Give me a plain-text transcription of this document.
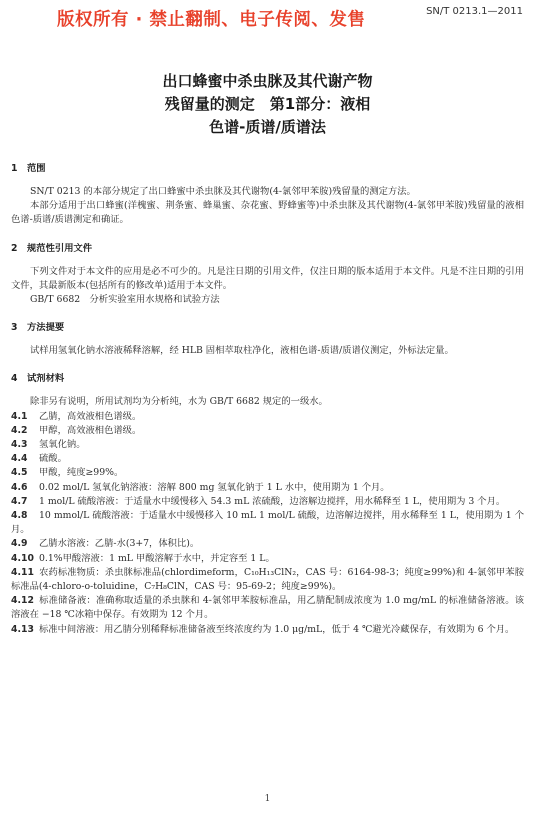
版权所有 · 禁止翻制、电子传阅、发售	SN/T 0213.1—2011
出口蜂蜜中杀虫脒及其代谢产物
残留量的测定　第1部分：液相
色谱-质谱/质谱法
1 范围

SN/T 0213 的本部分规定了出口蜂蜜中杀虫脒及其代谢物(4-氯邻甲苯胺)残留量的测定方法。

本部分适用于出口蜂蜜(洋槐蜜、荆条蜜、蜂巢蜜、杂花蜜、野蜂蜜等)中杀虫脒及其代谢物(4-氯邻甲苯胺)残留量的液相色谱-质谱/质谱测定和确证。

2 规范性引用文件

下列文件对于本文件的应用是必不可少的。凡是注日期的引用文件，仅注日期的版本适用于本文件。凡是不注日期的引用文件，其最新版本(包括所有的修改单)适用于本文件。

GB/T 6682　分析实验室用水规格和试验方法

3 方法提要

试样用氢氧化钠水溶液稀释溶解，经 HLB 固相萃取柱净化，液相色谱-质谱/质谱仪测定，外标法定量。

4 试剂材料

除非另有说明，所用试剂均为分析纯，水为 GB/T 6682 规定的一级水。

4.1 乙腈，高效液相色谱级。
4.2 甲醇，高效液相色谱级。
4.3 氢氧化钠。
4.4 硫酸。
4.5 甲酸，纯度≥99%。
4.6 0.02 mol/L 氢氧化钠溶液：溶解 800 mg 氢氧化钠于 1 L 水中，使用期为 1 个月。
4.7 1 mol/L 硫酸溶液：于适量水中缓慢移入 54.3 mL 浓硫酸，边溶解边搅拌，用水稀释至 1 L，使用期为 3 个月。
4.8 10 mmol/L 硫酸溶液：于适量水中缓慢移入 10 mL 1 mol/L 硫酸，边溶解边搅拌，用水稀释至 1 L，使用期为 1 个月。
4.9 乙腈水溶液：乙腈-水(3+7，体积比)。
4.10 0.1%甲酸溶液：1 mL 甲酸溶解于水中，并定容至 1 L。
4.11 农药标准物质：杀虫脒标准品(chlordimeform，C₁₀H₁₃ClN₂，CAS 号：6164-98-3；纯度≥99%)和 4-氯邻甲苯胺标准品(4-chloro-o-toluidine，C₇H₈ClN，CAS 号：95-69-2；纯度≥99%)。
4.12 标准储备液：准确称取适量的杀虫脒和 4-氯邻甲苯胺标准品，用乙腈配制成浓度为 1.0 mg/mL 的标准储备溶液。该溶液在 −18 ℃冰箱中保存。有效期为 12 个月。
4.13 标准中间溶液：用乙腈分别稀释标准储备液至终浓度约为 1.0 μg/mL，低于 4 ℃避光冷藏保存，有效期为 6 个月。
1
